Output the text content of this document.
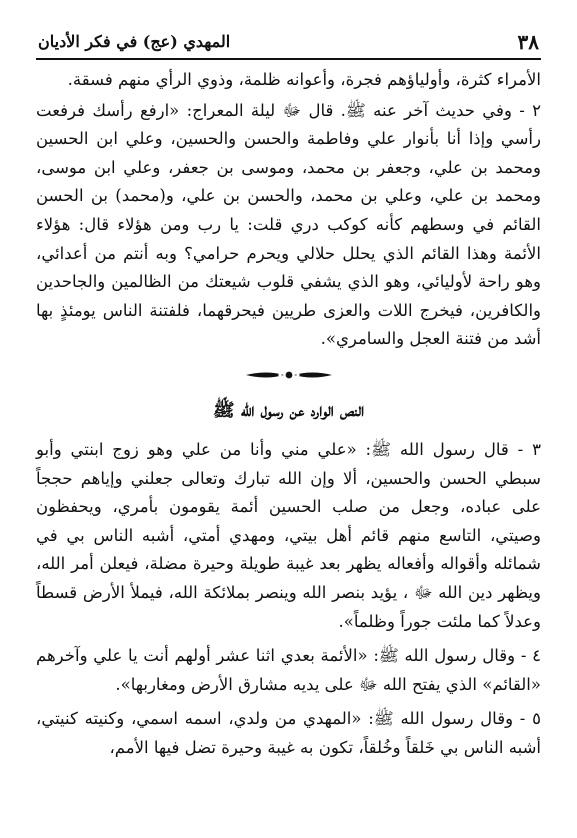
٣٨
المهدي (عج) في فكر الأديان

الأمراء كثرة، وأولياؤهم فجرة، وأعوانه ظلمة، وذوي الرأي منهم فسقة.

٢ - وفي حديث آخر عنه ﷺ. قال ﷻ ليلة المعراج: «ارفع رأسك فرفعت رأسي وإذا أنا بأنوار علي وفاطمة والحسن والحسين، وعلي ابن الحسين ومحمد بن علي، وجعفر بن محمد، وموسى بن جعفر، وعلي ابن موسى، ومحمد بن علي، وعلي بن محمد، والحسن بن علي، و(محمد) بن الحسن القائم في وسطهم كأنه كوكب دري قلت: يا رب ومن هؤلاء قال: هؤلاء الأئمة وهذا القائم الذي يحلل حلالي ويحرم حرامي؟ وبه أنتم من أعدائي، وهو راحة لأوليائي، وهو الذي يشفي قلوب شيعتك من الظالمين والجاحدين والكافرين، فيخرج اللات والعزى طريين فيحرقهما، فلفتنة الناس يومئذٍ بها أشد من فتنة العجل والسامري».

النص الوارد عن رسول الله ﷺ

٣ - قال رسول الله ﷺ: «علي مني وأنا من علي وهو زوج ابنتي وأبو سبطي الحسن والحسين، ألا وإن الله تبارك وتعالى جعلني وإياهم حججاً على عباده، وجعل من صلب الحسين أئمة يقومون بأمري، ويحفظون وصيتي، التاسع منهم قائم أهل بيتي، ومهدي أمتي، أشبه الناس بي في شمائله وأقواله وأفعاله يظهر بعد غيبة طويلة وحيرة مضلة، فيعلن أمر الله، ويظهر دين الله ﷻ ، يؤيد بنصر الله وينصر بملائكة الله، فيملأ الأرض قسطاً وعدلاً كما ملئت جوراً وظلماً».

٤ - وقال رسول الله ﷺ: «الأئمة بعدي اثنا عشر أولهم أنت يا علي وآخرهم «القائم» الذي يفتح الله ﷻ على يديه مشارق الأرض ومغاربها».

٥ - وقال رسول الله ﷺ: «المهدي من ولدي، اسمه اسمي، وكنيته كنيتي، أشبه الناس بي خَلقاً وخُلقاً، تكون به غيبة وحيرة تضل فيها الأمم،
